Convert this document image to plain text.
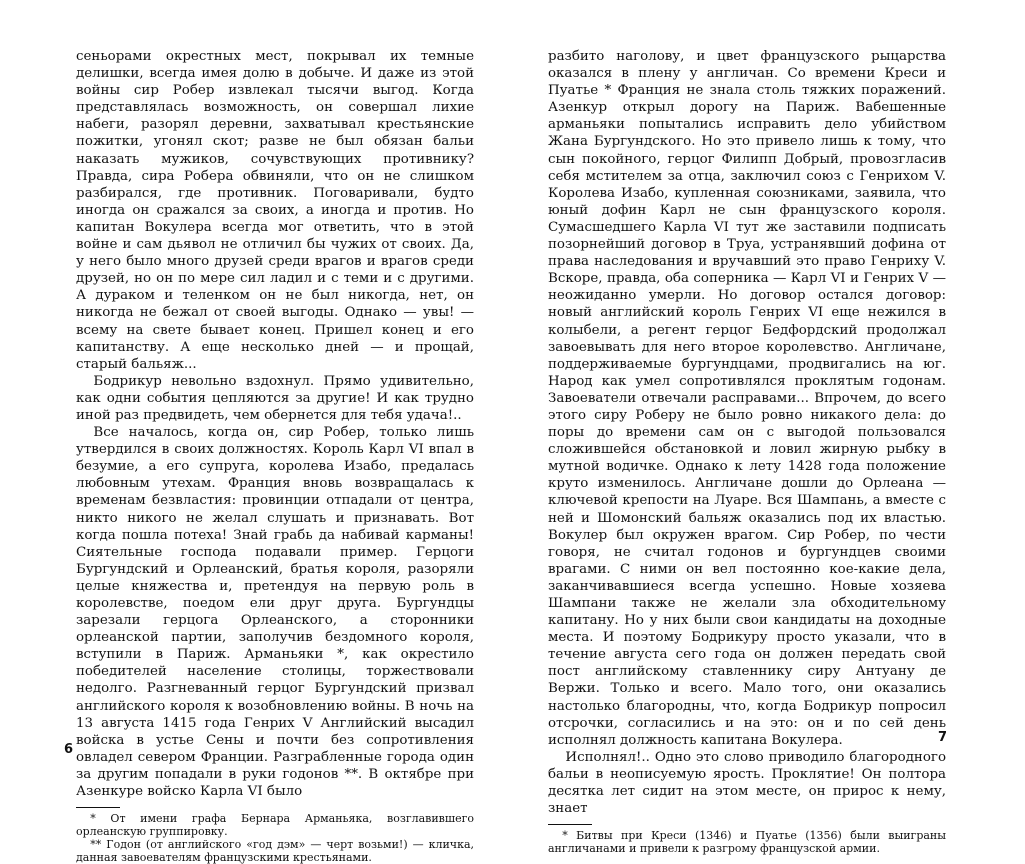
сеньорами окрестных мест, покрывал их темные делишки, всегда имея долю в добыче. И даже из этой войны сир Робер извлекал тысячи выгод. Когда представлялась возможность, он совершал лихие набеги, разорял деревни, захватывал крестьянские пожитки, угонял скот; разве не был обязан бальи наказать мужиков, сочувствующих противнику? Правда, сира Робера обвиняли, что он не слишком разбирался, где противник. Поговаривали, будто иногда он сражался за своих, а иногда и против. Но капитан Вокулера всегда мог ответить, что в этой войне и сам дьявол не отличил бы чужих от своих. Да, у него было много друзей среди врагов и врагов среди друзей, но он по мере сил ладил и с теми и с другими. А дураком и теленком он не был никогда, нет, он никогда не бежал от своей выгоды. Однако — увы! — всему на свете бывает конец. Пришел конец и его капитанству. А еще несколько дней — и прощай, старый бальяж...

Бодрикур невольно вздохнул. Прямо удивительно, как одни события цепляются за другие! И как трудно иной раз предвидеть, чем обернется для тебя удача!..

Все началось, когда он, сир Робер, только лишь утвердился в своих должностях. Король Карл VI впал в безумие, а его супруга, королева Изабо, предалась любовным утехам. Франция вновь возвращалась к временам безвластия: провинции отпадали от центра, никто никого не желал слушать и признавать. Вот когда пошла потеха! Знай грабь да набивай карманы! Сиятельные господа подавали пример. Герцоги Бургундский и Орлеанский, братья короля, разоряли целые княжества и, претендуя на первую роль в королевстве, поедом ели друг друга. Бургундцы зарезали герцога Орлеанского, а сторонники орлеанской партии, заполучив бездомного короля, вступили в Париж. Арманьяки *, как окрестило победителей население столицы, торжествовали недолго. Разгневанный герцог Бургундский призвал английского короля к возобновлению войны. В ночь на 13 августа 1415 года Генрих V Английский высадил войска в устье Сены и почти без сопротивления овладел севером Франции. Разграбленные города один за другим попадали в руки годонов **. В октябре при Азенкуре войско Карла VI было

* От имени графа Бернара Арманьяка, возглавившего орлеанскую группировку.

** Годон (от английского «год дэм» — черт возьми!) — кличка, данная завоевателям французскими крестьянами.

6

разбито наголову, и цвет французского рыцарства оказался в плену у англичан. Со времени Креси и Пуатье * Франция не знала столь тяжких поражений. Азенкур открыл дорогу на Париж. Вабешенные арманьяки попытались исправить дело убийством Жана Бургундского. Но это привело лишь к тому, что сын покойного, герцог Филипп Добрый, провозгласив себя мстителем за отца, заключил союз с Генрихом V. Королева Изабо, купленная союзниками, заявила, что юный дофин Карл не сын французского короля. Сумасшедшего Карла VI тут же заставили подписать позорнейший договор в Труа, устранявший дофина от права наследования и вручавший это право Генриху V. Вскоре, правда, оба соперника — Карл VI и Генрих V — неожиданно умерли. Но договор остался договор: новый английский король Генрих VI еще нежился в колыбели, а регент герцог Бедфордский продолжал завоевывать для него второе королевство. Англичане, поддерживаемые бургундцами, продвигались на юг. Народ как умел сопротивлялся проклятым годонам. Завоеватели отвечали расправами... Впрочем, до всего этого сиру Роберу не было ровно никакого дела: до поры до времени сам он с выгодой пользовался сложившейся обстановкой и ловил жирную рыбку в мутной водичке. Однако к лету 1428 года положение круто изменилось. Англичане дошли до Орлеана — ключевой крепости на Луаре. Вся Шампань, а вместе с ней и Шомонский бальяж оказались под их властью. Вокулер был окружен врагом. Сир Робер, по чести говоря, не считал годонов и бургундцев своими врагами. С ними он вел постоянно кое-какие дела, заканчивавшиеся всегда успешно. Новые хозяева Шампани также не желали зла обходительному капитану. Но у них были свои кандидаты на доходные места. И поэтому Бодрикуру просто указали, что в течение августа сего года он должен передать свой пост английскому ставленнику сиру Антуану де Вержи. Только и всего. Мало того, они оказались настолько благородны, что, когда Бодрикур попросил отсрочки, согласились и на это: он и по сей день исполнял должность капитана Вокулера.

Исполнял!.. Одно это слово приводило благородного бальи в неописуемую ярость. Проклятие! Он полтора десятка лет сидит на этом месте, он прирос к нему, знает

* Битвы при Креси (1346) и Пуатье (1356) были выиграны англичанами и привели к разгрому французской армии.

7
